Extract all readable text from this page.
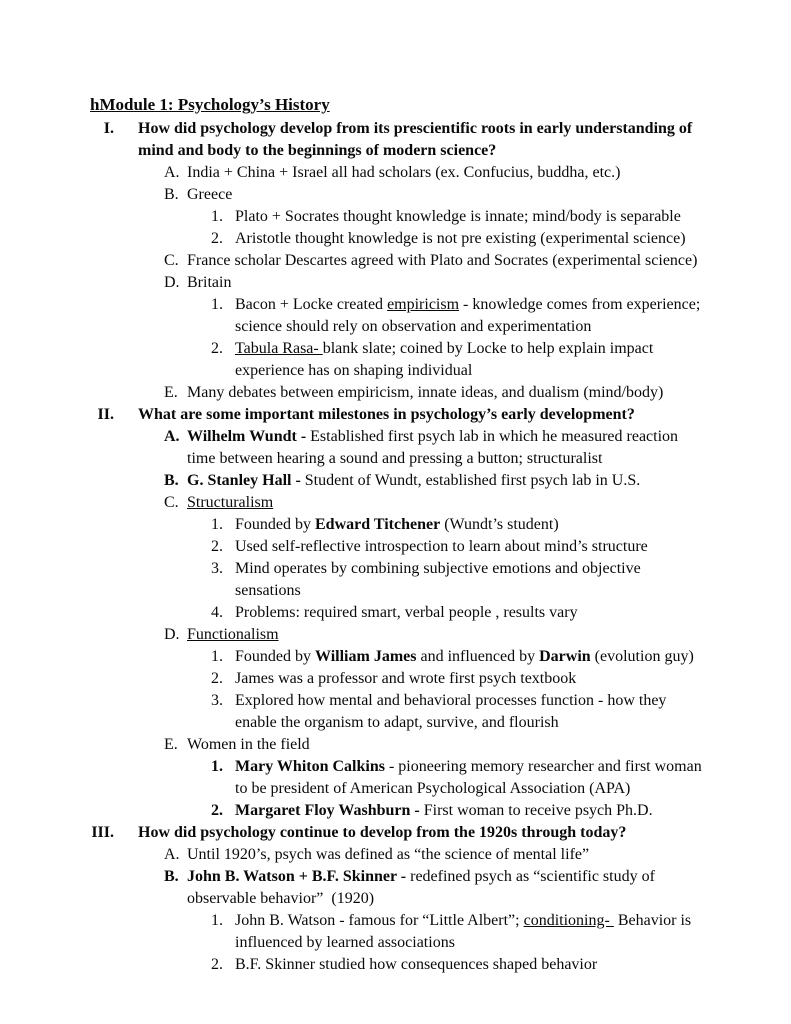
hModule 1: Psychology’s History
I. How did psychology develop from its prescientific roots in early understanding of mind and body to the beginnings of modern science?
A. India + China + Israel all had scholars (ex. Confucius, buddha, etc.)
B. Greece
1. Plato + Socrates thought knowledge is innate; mind/body is separable
2. Aristotle thought knowledge is not pre existing (experimental science)
C. France scholar Descartes agreed with Plato and Socrates (experimental science)
D. Britain
1. Bacon + Locke created empiricism - knowledge comes from experience; science should rely on observation and experimentation
2. Tabula Rasa- blank slate; coined by Locke to help explain impact experience has on shaping individual
E. Many debates between empiricism, innate ideas, and dualism (mind/body)
II. What are some important milestones in psychology’s early development?
A. Wilhelm Wundt - Established first psych lab in which he measured reaction time between hearing a sound and pressing a button; structuralist
B. G. Stanley Hall - Student of Wundt, established first psych lab in U.S.
C. Structuralism
1. Founded by Edward Titchener (Wundt’s student)
2. Used self-reflective introspection to learn about mind’s structure
3. Mind operates by combining subjective emotions and objective sensations
4. Problems: required smart, verbal people , results vary
D. Functionalism
1. Founded by William James and influenced by Darwin (evolution guy)
2. James was a professor and wrote first psych textbook
3. Explored how mental and behavioral processes function - how they enable the organism to adapt, survive, and flourish
E. Women in the field
1. Mary Whiton Calkins - pioneering memory researcher and first woman to be president of American Psychological Association (APA)
2. Margaret Floy Washburn - First woman to receive psych Ph.D.
III. How did psychology continue to develop from the 1920s through today?
A. Until 1920’s, psych was defined as “the science of mental life”
B. John B. Watson + B.F. Skinner - redefined psych as “scientific study of observable behavior”  (1920)
1. John B. Watson - famous for “Little Albert”; conditioning-  Behavior is influenced by learned associations
2. B.F. Skinner studied how consequences shaped behavior
